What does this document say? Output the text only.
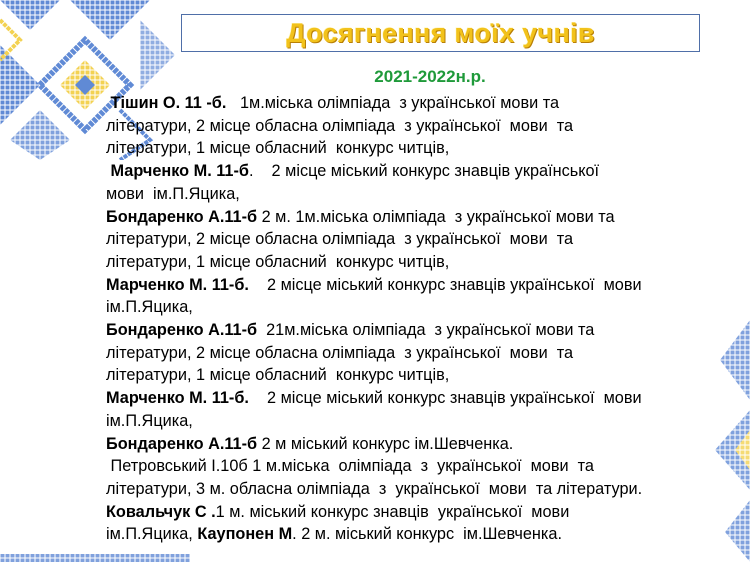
Досягнення моїх учнів
2021-2022н.р.
Тішин О. 11 -б.   1м.міська олімпіада  з української мови та
літератури, 2 місце обласна олімпіада  з української  мови  та
літератури, 1 місце обласний  конкурс читців,
Марченко М. 11-б.    2 місце міський конкурс знавців української
мови  ім.П.Яцика,
Бондаренко А.11-б 2 м. 1м.міська олімпіада  з української мови та
літератури, 2 місце обласна олімпіада  з української  мови  та
літератури, 1 місце обласний  конкурс читців,
Марченко М. 11-б.    2 місце міський конкурс знавців української  мови
ім.П.Яцика,
Бондаренко А.11-б  21м.міська олімпіада  з української мови та
літератури, 2 місце обласна олімпіада  з української  мови  та
літератури, 1 місце обласний  конкурс читців,
Марченко М. 11-б.    2 місце міський конкурс знавців української  мови
ім.П.Яцика,
Бондаренко А.11-б 2 м міський конкурс ім.Шевченка.
Петровський І.10б 1 м.міська  олімпіада  з  української  мови  та
літератури, 3 м. обласна олімпіада  з  української  мови  та літератури.
Ковальчук С .1 м. міський конкурс знавців  української  мови
ім.П.Яцика, Каупонен М. 2 м. міський конкурс  ім.Шевченка.
